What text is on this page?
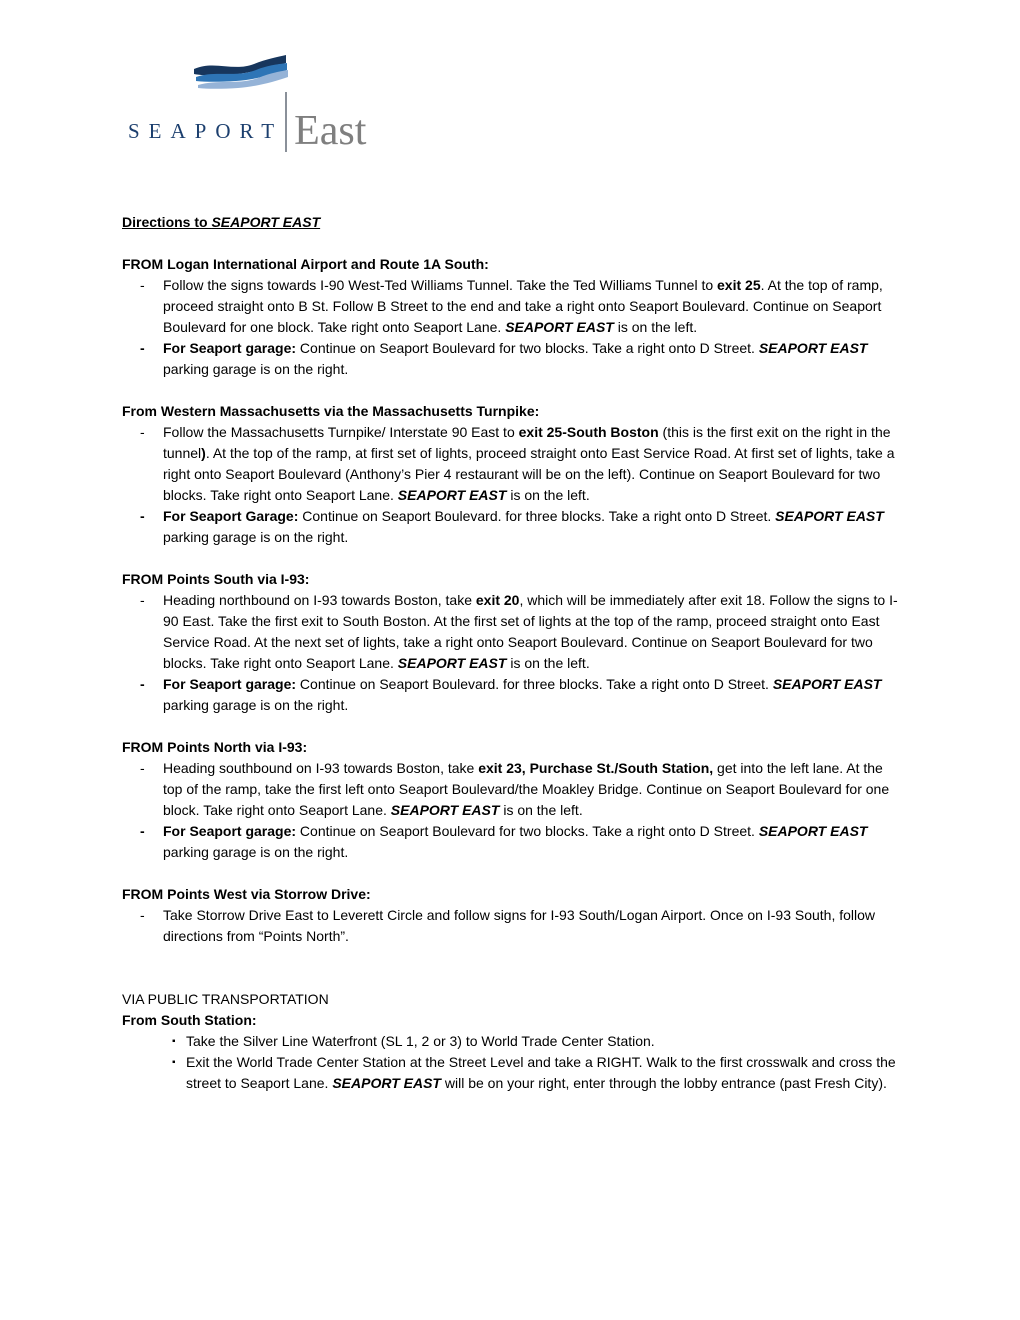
SEAPORT East
Directions to SEAPORT EAST
FROM Logan International Airport and Route 1A South:
-	Follow the signs towards I-90 West-Ted Williams Tunnel. Take the Ted Williams Tunnel to exit 25. At the top of ramp, proceed straight onto B St. Follow B Street to the end and take a right onto Seaport Boulevard. Continue on Seaport Boulevard for one block. Take right onto Seaport Lane. SEAPORT EAST is on the left.
-	For Seaport garage: Continue on Seaport Boulevard for two blocks. Take a right onto D Street. SEAPORT EAST parking garage is on the right.
From Western Massachusetts via the Massachusetts Turnpike:
-	Follow the Massachusetts Turnpike/ Interstate 90 East to exit 25-South Boston (this is the first exit on the right in the tunnel). At the top of the ramp, at first set of lights, proceed straight onto East Service Road. At first set of lights, take a right onto Seaport Boulevard (Anthony’s Pier 4 restaurant will be on the left). Continue on Seaport Boulevard for two blocks. Take right onto Seaport Lane. SEAPORT EAST is on the left.
-	For Seaport Garage: Continue on Seaport Boulevard. for three blocks. Take a right onto D Street. SEAPORT EAST parking garage is on the right.
FROM Points South via I-93:
-	Heading northbound on I-93 towards Boston, take exit 20, which will be immediately after exit 18. Follow the signs to I-90 East. Take the first exit to South Boston. At the first set of lights at the top of the ramp, proceed straight onto East Service Road. At the next set of lights, take a right onto Seaport Boulevard. Continue on Seaport Boulevard for two blocks. Take right onto Seaport Lane. SEAPORT EAST is on the left.
-	For Seaport garage: Continue on Seaport Boulevard. for three blocks. Take a right onto D Street. SEAPORT EAST parking garage is on the right.
FROM Points North via I-93:
-	Heading southbound on I-93 towards Boston, take exit 23, Purchase St./South Station, get into the left lane. At the top of the ramp, take the first left onto Seaport Boulevard/the Moakley Bridge. Continue on Seaport Boulevard for one block. Take right onto Seaport Lane. SEAPORT EAST is on the left.
-	For Seaport garage: Continue on Seaport Boulevard for two blocks. Take a right onto D Street. SEAPORT EAST parking garage is on the right.
FROM Points West via Storrow Drive:
-	Take Storrow Drive East to Leverett Circle and follow signs for I-93 South/Logan Airport. Once on I-93 South, follow directions from “Points North”.
VIA PUBLIC TRANSPORTATION
From South Station:
▪ Take the Silver Line Waterfront (SL 1, 2 or 3) to World Trade Center Station.
▪ Exit the World Trade Center Station at the Street Level and take a RIGHT. Walk to the first crosswalk and cross the street to Seaport Lane. SEAPORT EAST will be on your right, enter through the lobby entrance (past Fresh City).
